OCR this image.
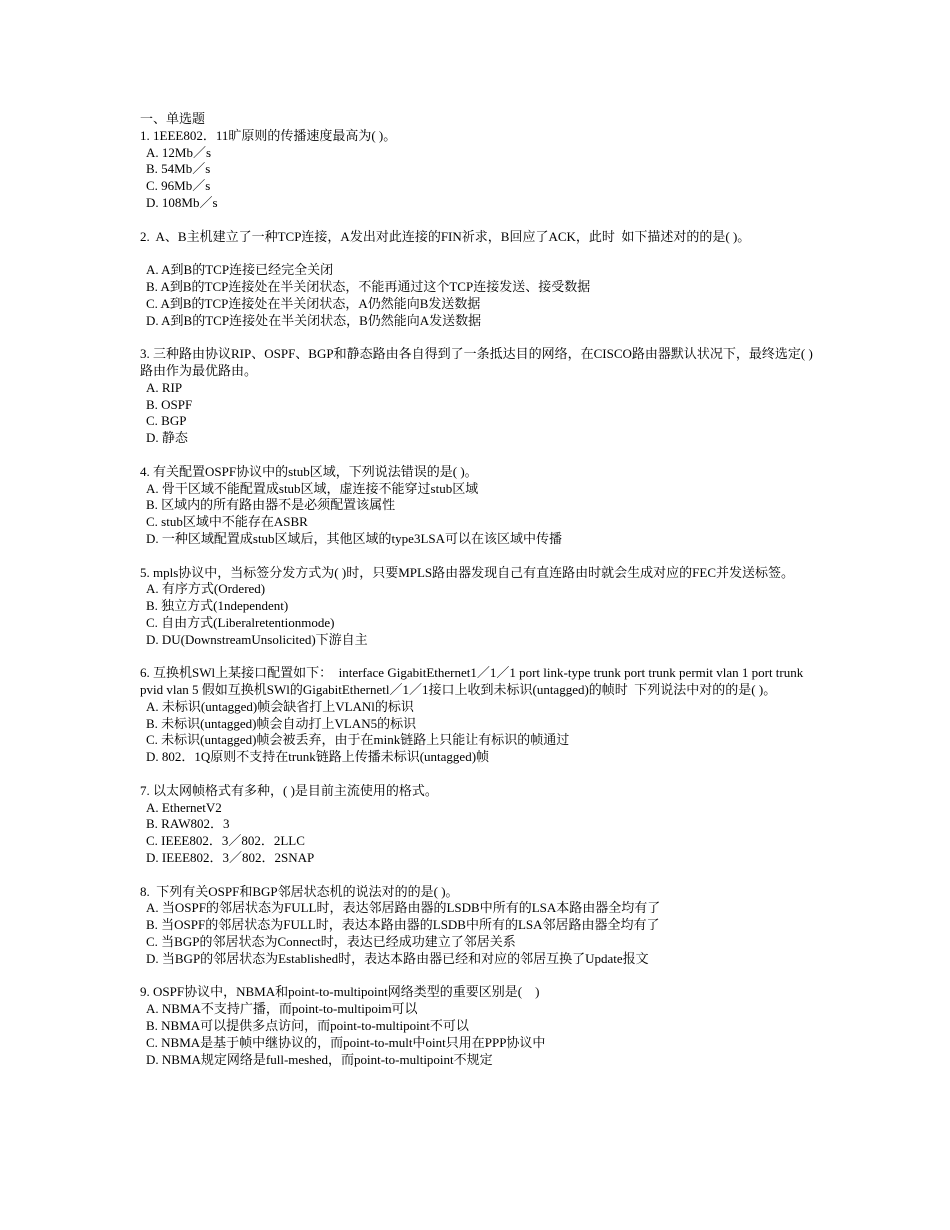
一、单选题

1. 1EEE802．11旷原则的传播速度最高为( )。

A. 12Mb／s
B. 54Mb／s
C. 96Mb／s
D. 108Mb／s

2.  A、B主机建立了一种TCP连接，A发出对此连接的FIN祈求，B回应了ACK，此时  如下描述对的的是( )。

A. A到B的TCP连接已经完全关闭
B. A到B的TCP连接处在半关闭状态，不能再通过这个TCP连接发送、接受数据
C. A到B的TCP连接处在半关闭状态，A仍然能向B发送数据
D. A到B的TCP连接处在半关闭状态，B仍然能向A发送数据

3. 三种路由协议RIP、OSPF、BGP和静态路由各自得到了一条抵达目的网络，在CISCO路由器默认状况下，最终选定( )路由作为最优路由。

A. RIP
B. OSPF
C. BGP
D. 静态

4. 有关配置OSPF协议中的stub区域，下列说法错误的是( )。

A. 骨干区域不能配置成stub区域，虚连接不能穿过stub区域
B. 区域内的所有路由器不是必须配置该属性
C. stub区域中不能存在ASBR
D. 一种区域配置成stub区域后，其他区域的type3LSA可以在该区域中传播

5. mpls协议中，当标签分发方式为( )时，只要MPLS路由器发现自己有直连路由时就会生成对应的FEC并发送标签。

A. 有序方式(Ordered)
B. 独立方式(1ndependent)
C. 自由方式(Liberalretentionmode)
D. DU(DownstreamUnsolicited)下游自主

6. 互换机SWl上某接口配置如下：  interface GigabitEthernet1／1／1 port link-type trunk port trunk permit vlan 1 port trunk pvid vlan 5 假如互换机SWl的GigabitEthernetl／1／1接口上收到未标识(untagged)的帧时  下列说法中对的的是( )。

A. 未标识(untagged)帧会缺省打上VLANl的标识
B. 未标识(untagged)帧会自动打上VLAN5的标识
C. 未标识(untagged)帧会被丢弃，由于在mink链路上只能让有标识的帧通过
D. 802．1Q原则不支持在trunk链路上传播未标识(untagged)帧

7. 以太网帧格式有多种，( )是目前主流使用的格式。

A. EthernetV2
B. RAW802．3
C. IEEE802．3／802．2LLC
D. IEEE802．3／802．2SNAP

8.  下列有关OSPF和BGP邻居状态机的说法对的的是( )。

A. 当OSPF的邻居状态为FULL时，表达邻居路由器的LSDB中所有的LSA本路由器全均有了
B. 当OSPF的邻居状态为FULL时，表达本路由器的LSDB中所有的LSA邻居路由器全均有了
C. 当BGP的邻居状态为Connect时，表达已经成功建立了邻居关系
D. 当BGP的邻居状态为Established时，表达本路由器已经和对应的邻居互换了Update报文

9. OSPF协议中，NBMA和point-to-multipoint网络类型的重要区别是(    )

A. NBMA不支持广播，而point-to-multipoim可以
B. NBMA可以提供多点访问，而point-to-multipoint不可以
C. NBMA是基于帧中继协议的，而point-to-mult中oint只用在PPP协议中
D. NBMA规定网络是full-meshed，而point-to-multipoint不规定
